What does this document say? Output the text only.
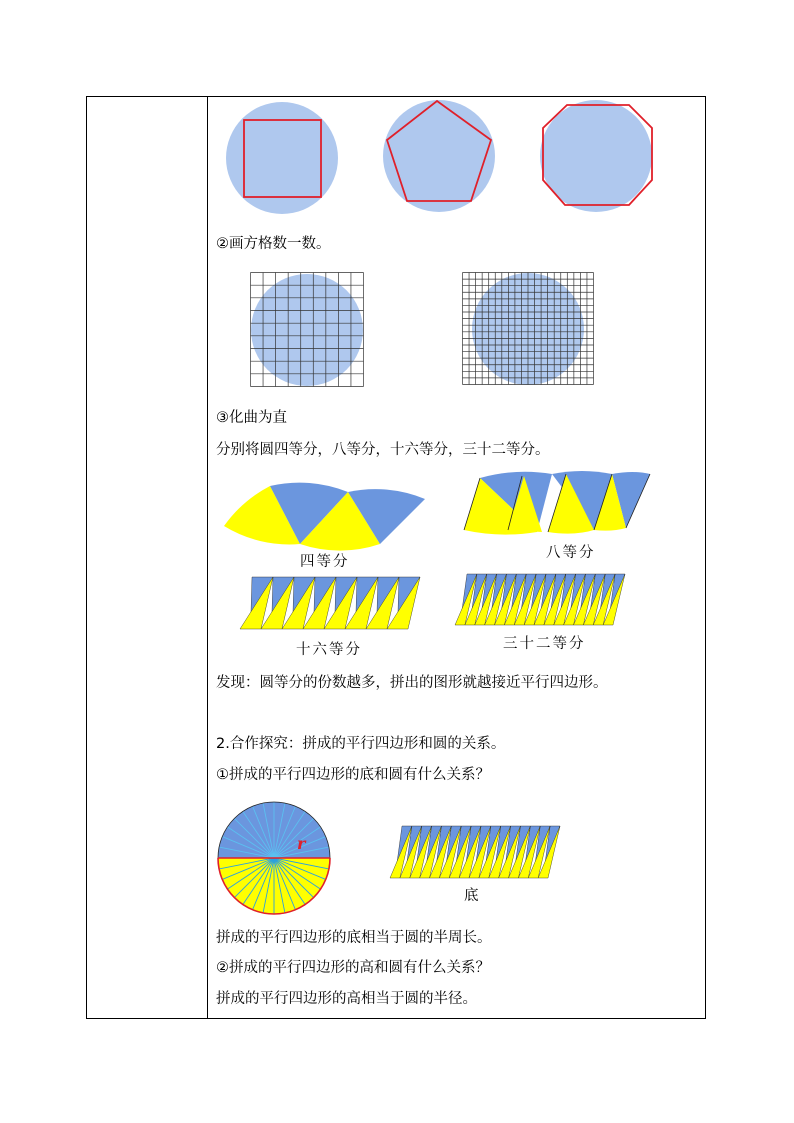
②画方格数一数。
③化曲为直
分别将圆四等分，八等分，十六等分，三十二等分。
四等分
八等分
十六等分	三十二等分
发现：圆等分的份数越多，拼出的图形就越接近平行四边形。
2.合作探究：拼成的平行四边形和圆的关系。
①拼成的平行四边形的底和圆有什么关系？
r
底
拼成的平行四边形的底相当于圆的半周长。
②拼成的平行四边形的高和圆有什么关系？
拼成的平行四边形的高相当于圆的半径。
